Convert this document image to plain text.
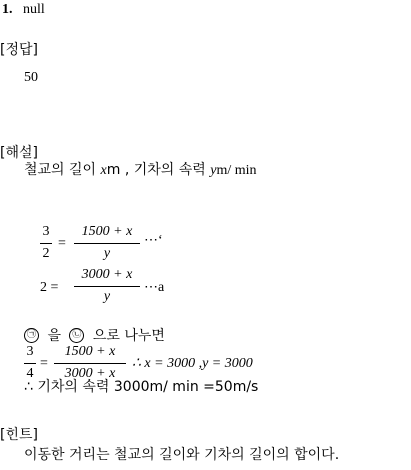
1. null
[정답]
50
[해설]
철교의 길이 xm , 기차의 속력 ym/ min
3
2
=
1500 + x
y
⋯‘
2 =
3000 + x
y
⋯a
㉠ 을 ㉡ 으로 나누면
3
4
=
1500 + x
3000 + x
∴ x = 3000 ,y = 3000
∴ 기차의 속력 3000m/ min =50m/s
[힌트]
이동한 거리는 철교의 길이와 기차의 길이의 합이다.
